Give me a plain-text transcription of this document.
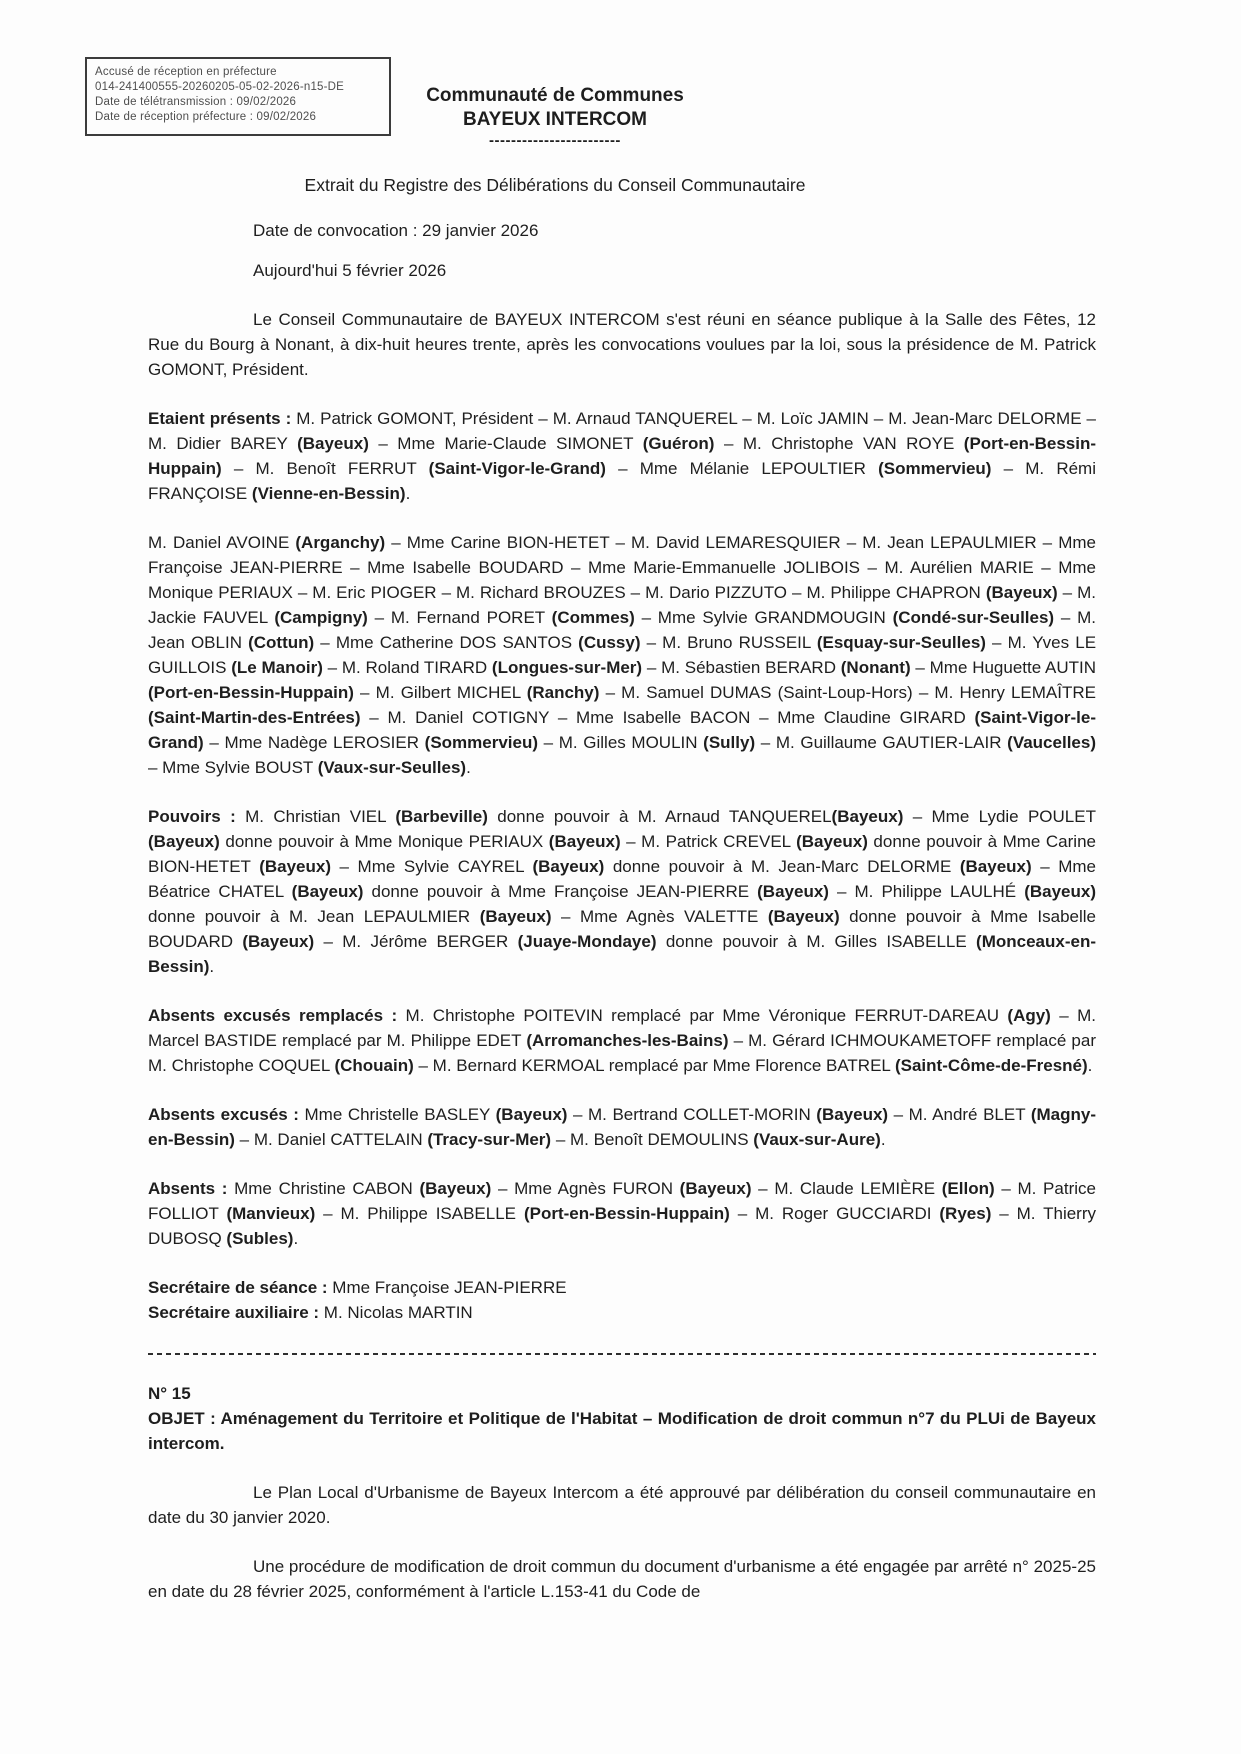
Accusé de réception en préfecture
014-241400555-20260205-05-02-2026-n15-DE
Date de télétransmission : 09/02/2026
Date de réception préfecture : 09/02/2026
Communauté de Communes
BAYEUX INTERCOM
------------------------
Extrait du Registre des Délibérations du Conseil Communautaire
Date de convocation : 29 janvier 2026
Aujourd'hui 5 février 2026

Le Conseil Communautaire de BAYEUX INTERCOM s'est réuni en séance publique à la Salle des Fêtes, 12 Rue du Bourg à Nonant, à dix-huit heures trente, après les convocations voulues par la loi, sous la présidence de M. Patrick GOMONT, Président.

Etaient présents : M. Patrick GOMONT, Président – M. Arnaud TANQUEREL – M. Loïc JAMIN – M. Jean-Marc DELORME – M. Didier BAREY (Bayeux) – Mme Marie-Claude SIMONET (Guéron) – M. Christophe VAN ROYE (Port-en-Bessin-Huppain) – M. Benoît FERRUT (Saint-Vigor-le-Grand) – Mme Mélanie LEPOULTIER (Sommervieu) – M. Rémi FRANÇOISE (Vienne-en-Bessin).

M. Daniel AVOINE (Arganchy) – Mme Carine BION-HETET – M. David LEMARESQUIER – M. Jean LEPAULMIER – Mme Françoise JEAN-PIERRE – Mme Isabelle BOUDARD – Mme Marie-Emmanuelle JOLIBOIS – M. Aurélien MARIE – Mme Monique PERIAUX – M. Eric PIOGER – M. Richard BROUZES – M. Dario PIZZUTO – M. Philippe CHAPRON (Bayeux) – M. Jackie FAUVEL (Campigny) – M. Fernand PORET (Commes) – Mme Sylvie GRANDMOUGIN (Condé-sur-Seulles) – M. Jean OBLIN (Cottun) – Mme Catherine DOS SANTOS (Cussy) – M. Bruno RUSSEIL (Esquay-sur-Seulles) – M. Yves LE GUILLOIS (Le Manoir) – M. Roland TIRARD (Longues-sur-Mer) – M. Sébastien BERARD (Nonant) – Mme Huguette AUTIN (Port-en-Bessin-Huppain) – M. Gilbert MICHEL (Ranchy) – M. Samuel DUMAS (Saint-Loup-Hors) – M. Henry LEMAÎTRE (Saint-Martin-des-Entrées) – M. Daniel COTIGNY – Mme Isabelle BACON – Mme Claudine GIRARD (Saint-Vigor-le-Grand) – Mme Nadège LEROSIER (Sommervieu) – M. Gilles MOULIN (Sully) – M. Guillaume GAUTIER-LAIR (Vaucelles) – Mme Sylvie BOUST (Vaux-sur-Seulles).

Pouvoirs : M. Christian VIEL (Barbeville) donne pouvoir à M. Arnaud TANQUEREL(Bayeux) – Mme Lydie POULET (Bayeux) donne pouvoir à Mme Monique PERIAUX (Bayeux) – M. Patrick CREVEL (Bayeux) donne pouvoir à Mme Carine BION-HETET (Bayeux) – Mme Sylvie CAYREL (Bayeux) donne pouvoir à M. Jean-Marc DELORME (Bayeux) – Mme Béatrice CHATEL (Bayeux) donne pouvoir à Mme Françoise JEAN-PIERRE (Bayeux) – M. Philippe LAULHÉ (Bayeux) donne pouvoir à M. Jean LEPAULMIER (Bayeux) – Mme Agnès VALETTE (Bayeux) donne pouvoir à Mme Isabelle BOUDARD (Bayeux) – M. Jérôme BERGER (Juaye-Mondaye) donne pouvoir à M. Gilles ISABELLE (Monceaux-en-Bessin).

Absents excusés remplacés : M. Christophe POITEVIN remplacé par Mme Véronique FERRUT-DAREAU (Agy) – M. Marcel BASTIDE remplacé par M. Philippe EDET (Arromanches-les-Bains) – M. Gérard ICHMOUKAMETOFF remplacé par M. Christophe COQUEL (Chouain) – M. Bernard KERMOAL remplacé par Mme Florence BATREL (Saint-Côme-de-Fresné).

Absents excusés : Mme Christelle BASLEY (Bayeux) – M. Bertrand COLLET-MORIN (Bayeux) – M. André BLET (Magny-en-Bessin) – M. Daniel CATTELAIN (Tracy-sur-Mer) – M. Benoît DEMOULINS (Vaux-sur-Aure).

Absents : Mme Christine CABON (Bayeux) – Mme Agnès FURON (Bayeux) – M. Claude LEMIÈRE (Ellon) – M. Patrice FOLLIOT (Manvieux) – M. Philippe ISABELLE (Port-en-Bessin-Huppain) – M. Roger GUCCIARDI (Ryes) – M. Thierry DUBOSQ (Subles).

Secrétaire de séance : Mme Françoise JEAN-PIERRE
Secrétaire auxiliaire : M. Nicolas MARTIN
N° 15

OBJET : Aménagement du Territoire et Politique de l'Habitat – Modification de droit commun n°7 du PLUi de Bayeux intercom.

Le Plan Local d'Urbanisme de Bayeux Intercom a été approuvé par délibération du conseil communautaire en date du 30 janvier 2020.

Une procédure de modification de droit commun du document d'urbanisme a été engagée par arrêté n° 2025-25 en date du 28 février 2025, conformément à l'article L.153-41 du Code de
